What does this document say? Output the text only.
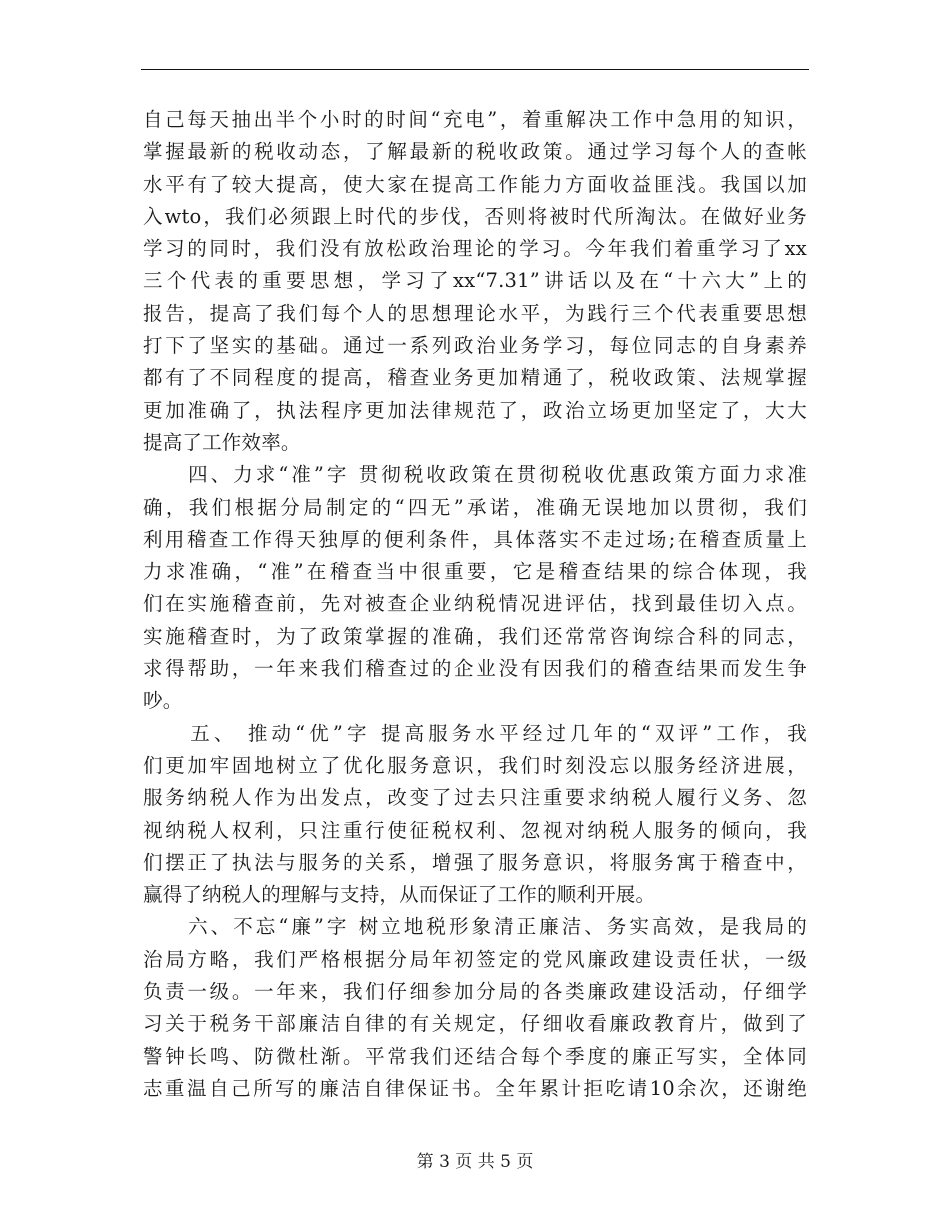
自己每天抽出半个小时的时间“充电”，着重解决工作中急用的知识，
掌握最新的税收动态，了解最新的税收政策。通过学习每个人的查帐
水平有了较大提高，使大家在提高工作能力方面收益匪浅。我国以加
入wto，我们必须跟上时代的步伐，否则将被时代所淘汰。在做好业务
学习的同时，我们没有放松政治理论的学习。今年我们着重学习了xx
三个代表的重要思想，学习了xx“7.31”讲话以及在“十六大”上的
报告，提高了我们每个人的思想理论水平，为践行三个代表重要思想
打下了坚实的基础。通过一系列政治业务学习，每位同志的自身素养
都有了不同程度的提高，稽查业务更加精通了，税收政策、法规掌握
更加准确了，执法程序更加法律规范了，政治立场更加坚定了，大大
提高了工作效率。
　　四、力求“准”字 贯彻税收政策在贯彻税收优惠政策方面力求准
确，我们根据分局制定的“四无”承诺，准确无误地加以贯彻，我们
利用稽查工作得天独厚的便利条件，具体落实不走过场;在稽查质量上
力求准确，“准”在稽查当中很重要，它是稽查结果的综合体现，我
们在实施稽查前，先对被查企业纳税情况进评估，找到最佳切入点。
实施稽查时，为了政策掌握的准确，我们还常常咨询综合科的同志，
求得帮助，一年来我们稽查过的企业没有因我们的稽查结果而发生争
吵。
　　五、 推动“优”字 提高服务水平经过几年的“双评”工作，我
们更加牢固地树立了优化服务意识，我们时刻没忘以服务经济进展，
服务纳税人作为出发点，改变了过去只注重要求纳税人履行义务、忽
视纳税人权利，只注重行使征税权利、忽视对纳税人服务的倾向，我
们摆正了执法与服务的关系，增强了服务意识，将服务寓于稽查中，
赢得了纳税人的理解与支持，从而保证了工作的顺利开展。
　　六、不忘“廉”字 树立地税形象清正廉洁、务实高效，是我局的
治局方略，我们严格根据分局年初签定的党风廉政建设责任状，一级
负责一级。一年来，我们仔细参加分局的各类廉政建设活动，仔细学
习关于税务干部廉洁自律的有关规定，仔细收看廉政教育片，做到了
警钟长鸣、防微杜渐。平常我们还结合每个季度的廉正写实，全体同
志重温自己所写的廉洁自律保证书。全年累计拒吃请10余次，还谢绝
第 3 页 共 5 页
